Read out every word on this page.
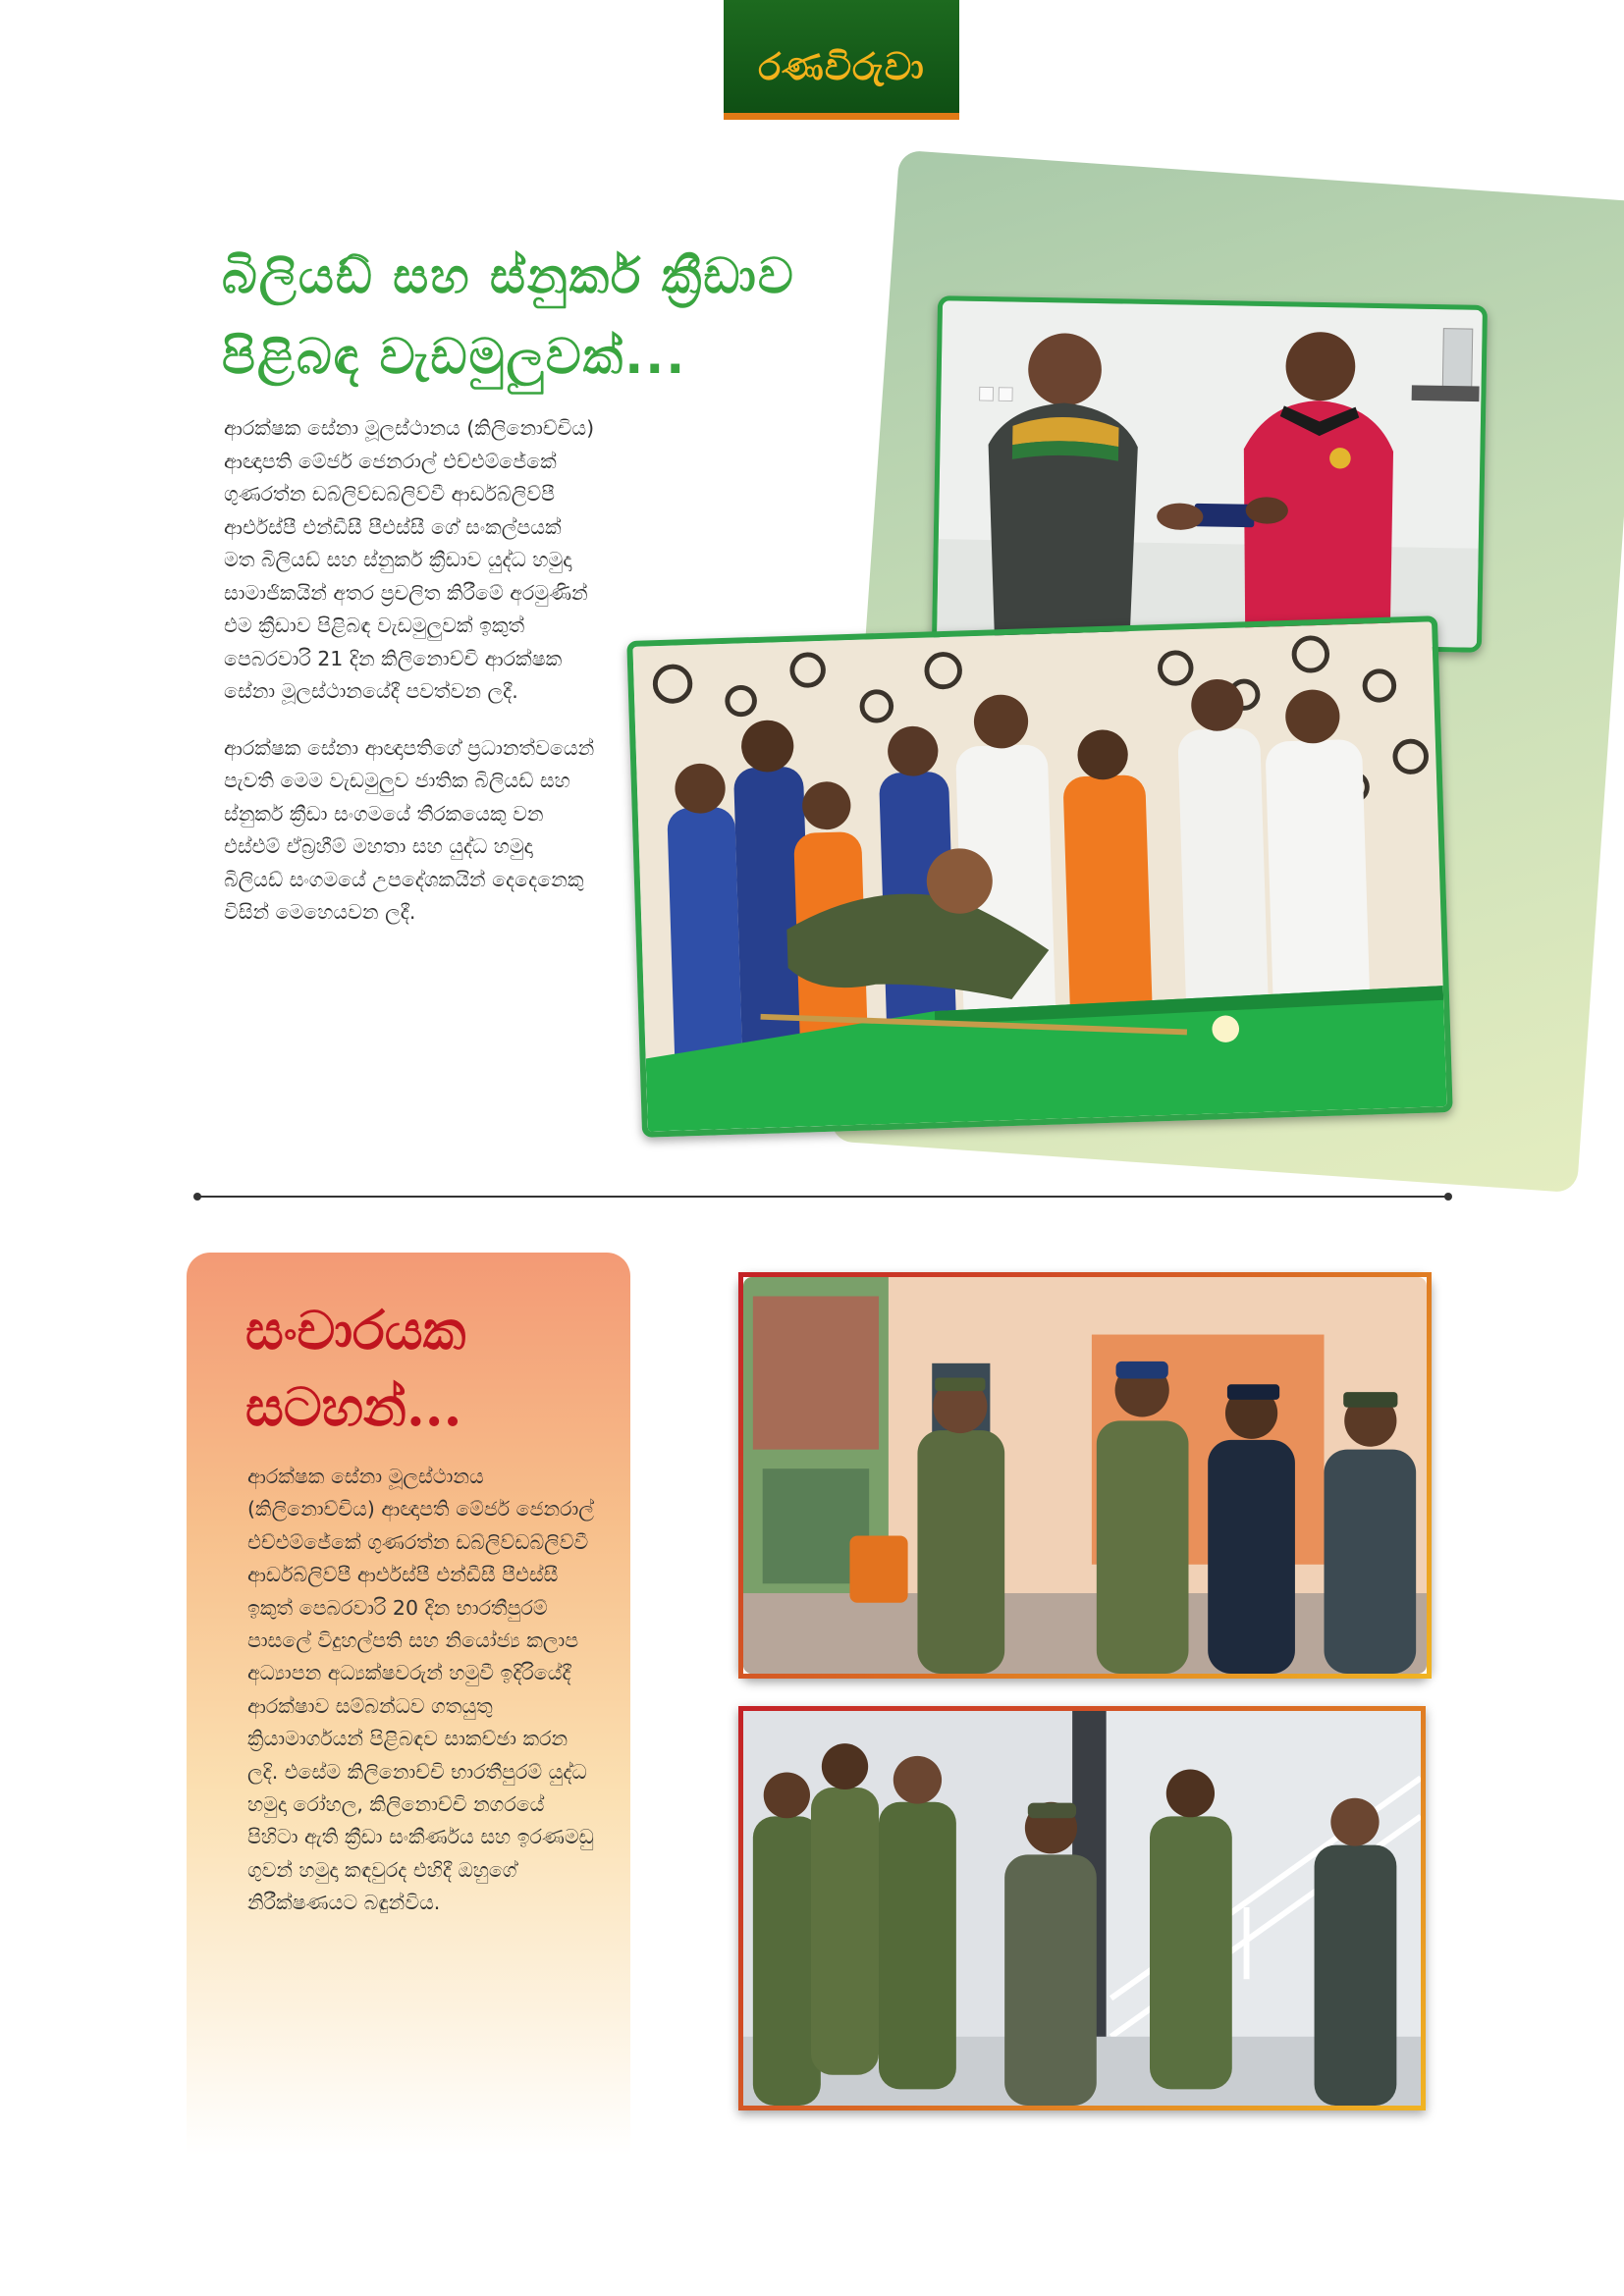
රණවිරුවා
බිලියඩ් සහ ස්නුකර් ක්‍රීඩාව
පිළිබඳ වැඩමුලුවක්...

ආරක්ෂක සේනා මූලස්ථානය (කිලිනොච්චිය) ආඥාපති මේජර් ජෙනරාල් එච්එම්ජේකේ ගුණරත්න ඩබ්ලිව්ඩබ්ලිව්වී ආර්ඩබ්ලිව්පී ආර්එස්පී එන්ඩීසී පීඑස්සී ගේ සංකල්පයක් මත බිලියඩ් සහ ස්නුකර් ක්‍රීඩාව යුද්ධ හමුදා සාමාජිකයින් අතර ප්‍රචලිත කිරීමේ අරමුණින් එම ක්‍රීඩාව පිළිබඳ වැඩමුලුවක් ඉකුත් පෙබරවාරි 21 දින කිලිනොච්චි ආරක්ෂක සේනා මූලස්ථානයේදී පවත්වන ලදී.

ආරක්ෂක සේනා ආඥාපතිගේ ප්‍රධානත්වයෙන් පැවති මෙම වැඩමුලුව ජාතික බිලියඩ් සහ ස්නුකර් ක්‍රීඩා සංගමයේ තීරකයෙකු වන එස්එම් ඒබ්‍රහීම් මහතා සහ යුද්ධ හමුදා බිලියඩ් සංගමයේ උපදේශකයින් දෙදෙනෙකු විසින් මෙහෙයවන ලදී.

සංචාරයක
සටහන්...

ආරක්ෂක සේනා මූලස්ථානය (කිලිනොච්චිය) ආඥාපති මේජර් ජෙනරාල් එච්එම්ජේකේ ගුණරත්න ඩබ්ලිව්ඩබ්ලිව්වී ආර්ඩබ්ලිව්පී ආර්එස්පී එන්ඩීසී පීඑස්සී ඉකුත් පෙබරවාරි 20 දින භාරතීපුරම් පාසලේ විදුහල්පති සහ නියෝජ්‍ය කලාප අධ්‍යාපන අධ්‍යක්ෂවරුන් හමුවී ඉදිරියේදී ආරක්ෂාව සම්බන්ධව ගතයුතු ක්‍රියාමාර්ගයන් පිළිබඳව සාකච්ඡා කරන ලදි. එසේම කිලිනොච්චි භාරතීපුරම් යුද්ධ හමුදා රෝහල, කිලිනොච්චි නගරයේ පිහිටා ඇති ක්‍රීඩා සංකීර්ණය සහ ඉරණමඩු ගුවන් හමුදා කඳවුරද එහිදී ඔහුගේ නිරීක්ෂණයට බඳුන්විය.
